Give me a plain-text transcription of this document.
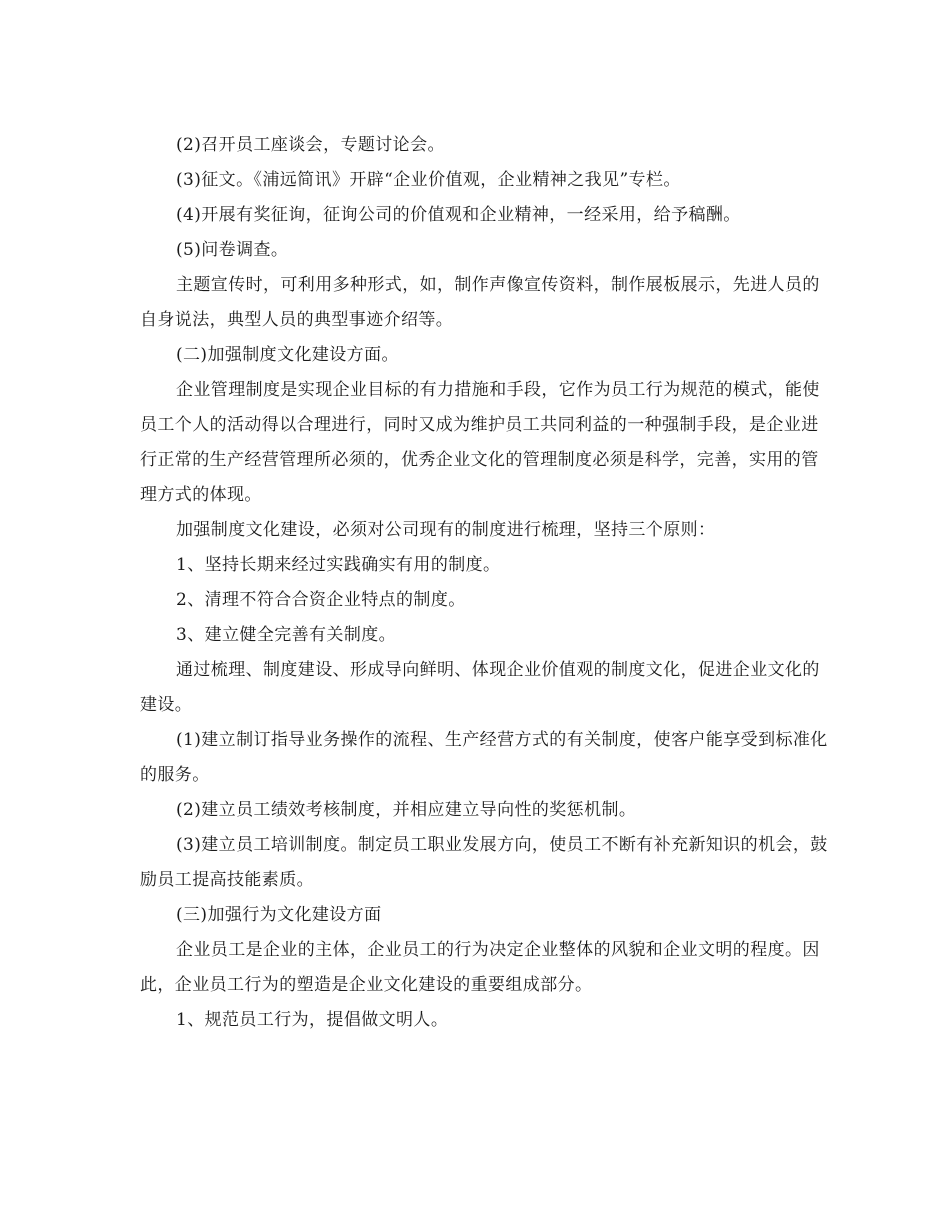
(2)召开员工座谈会，专题讨论会。

(3)征文。《浦远简讯》开辟“企业价值观，企业精神之我见”专栏。

(4)开展有奖征询，征询公司的价值观和企业精神，一经采用，给予稿酬。

(5)问卷调查。

主题宣传时，可利用多种形式，如，制作声像宣传资料，制作展板展示，先进人员的自身说法，典型人员的典型事迹介绍等。

(二)加强制度文化建设方面。

企业管理制度是实现企业目标的有力措施和手段，它作为员工行为规范的模式，能使员工个人的活动得以合理进行，同时又成为维护员工共同利益的一种强制手段，是企业进行正常的生产经营管理所必须的，优秀企业文化的管理制度必须是科学，完善，实用的管理方式的体现。

加强制度文化建设，必须对公司现有的制度进行梳理，坚持三个原则：

1、坚持长期来经过实践确实有用的制度。

2、清理不符合合资企业特点的制度。

3、建立健全完善有关制度。

通过梳理、制度建设、形成导向鲜明、体现企业价值观的制度文化，促进企业文化的建设。

(1)建立制订指导业务操作的流程、生产经营方式的有关制度，使客户能享受到标准化的服务。

(2)建立员工绩效考核制度，并相应建立导向性的奖惩机制。

(3)建立员工培训制度。制定员工职业发展方向，使员工不断有补充新知识的机会，鼓励员工提高技能素质。

(三)加强行为文化建设方面

企业员工是企业的主体，企业员工的行为决定企业整体的风貌和企业文明的程度。因此，企业员工行为的塑造是企业文化建设的重要组成部分。

1、规范员工行为，提倡做文明人。
